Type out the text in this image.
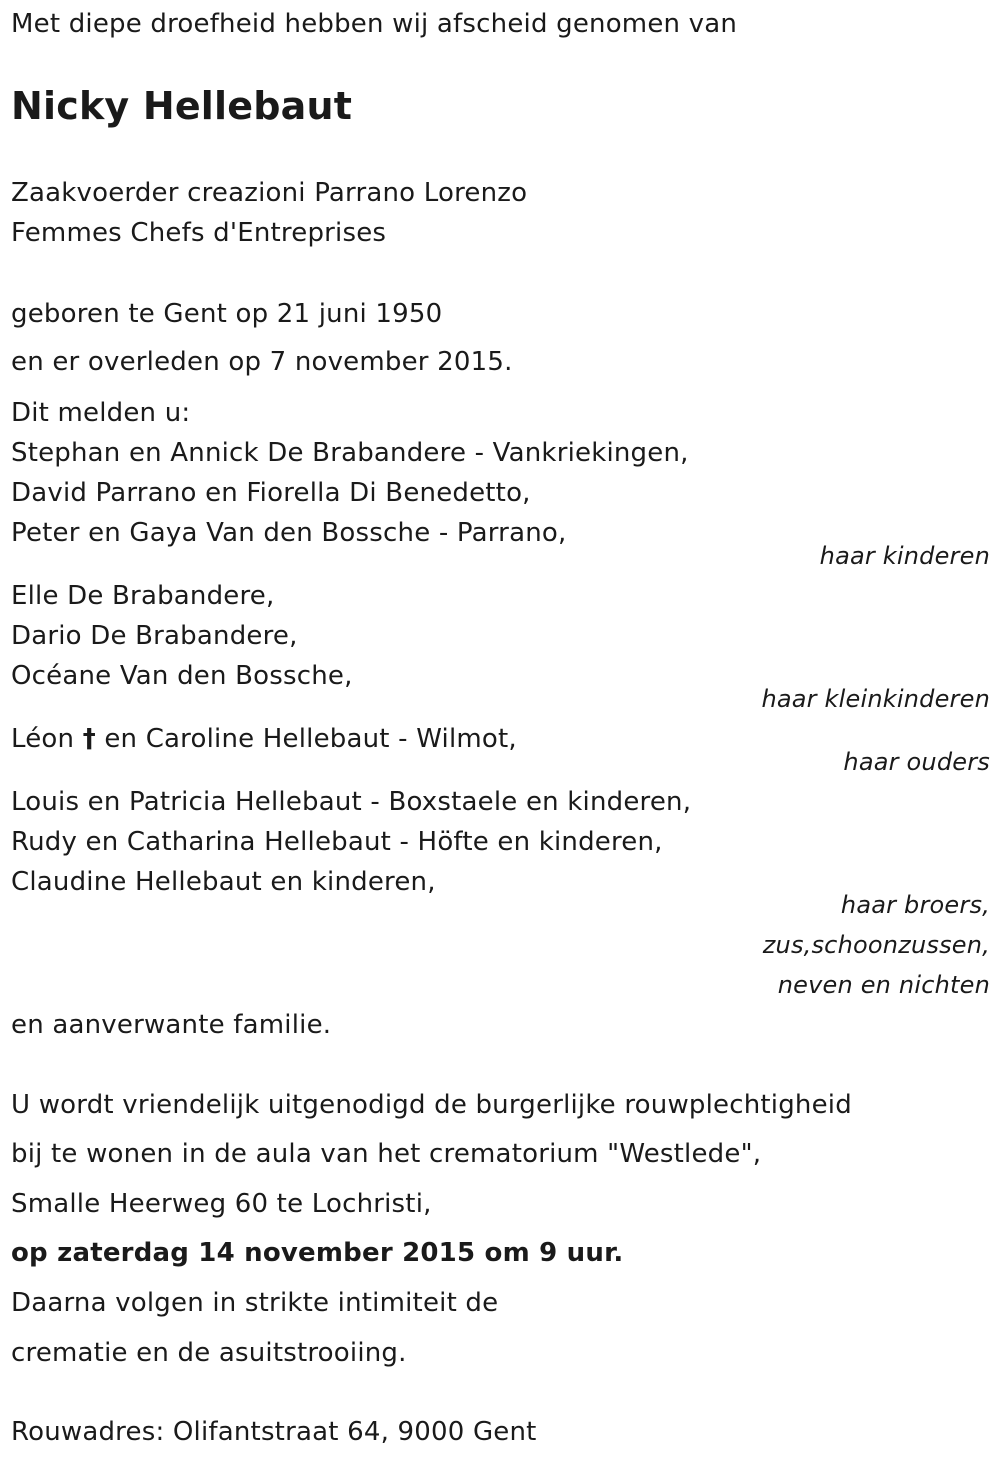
Met diepe droefheid hebben wij afscheid genomen van
Nicky Hellebaut
Zaakvoerder creazioni Parrano Lorenzo
Femmes Chefs d'Entreprises
geboren te Gent op 21 juni 1950
en er overleden op 7 november 2015.
Dit melden u:
Stephan en Annick De Brabandere - Vankriekingen,
David Parrano en Fiorella Di Benedetto,
Peter en Gaya Van den Bossche - Parrano,
haar kinderen
Elle De Brabandere,
Dario De Brabandere,
Océane Van den Bossche,
haar kleinkinderen
Léon † en Caroline Hellebaut - Wilmot,
haar ouders
Louis en Patricia Hellebaut - Boxstaele en kinderen,
Rudy en Catharina Hellebaut - Höfte en kinderen,
Claudine Hellebaut en kinderen,
haar broers,
zus,schoonzussen,
neven en nichten
en aanverwante familie.
U wordt vriendelijk uitgenodigd de burgerlijke rouwplechtigheid
bij te wonen in de aula van het crematorium "Westlede",
Smalle Heerweg 60 te Lochristi,
op zaterdag 14 november 2015 om 9 uur.
Daarna volgen in strikte intimiteit de
crematie en de asuitstrooiing.
Rouwadres: Olifantstraat 64, 9000 Gent
